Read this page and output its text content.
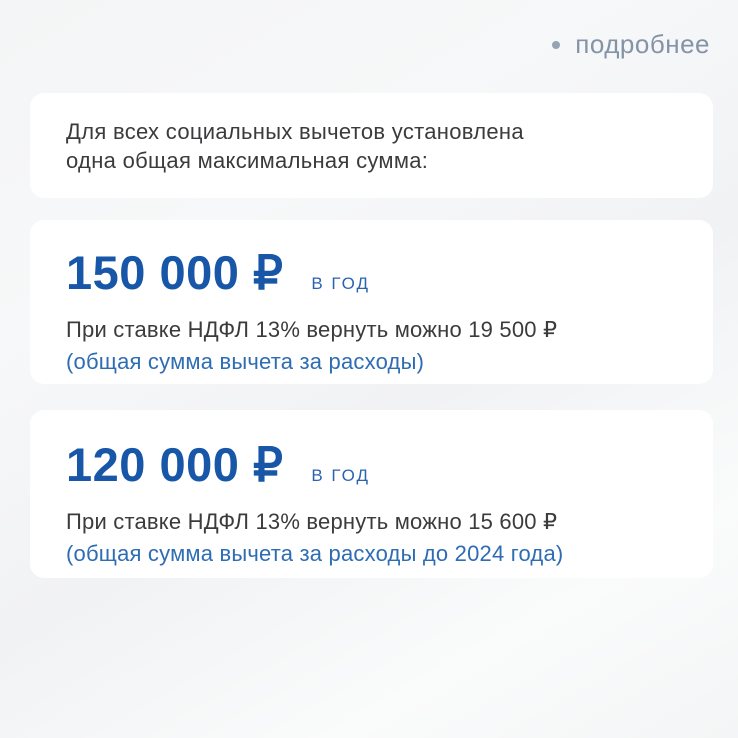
подробнее
Для всех социальных вычетов установлена
одна общая максимальная сумма:
150 000 ₽ В ГОД
При ставке НДФЛ 13% вернуть можно 19 500 ₽
(общая сумма вычета за расходы)
120 000 ₽ В ГОД
При ставке НДФЛ 13% вернуть можно 15 600 ₽
(общая сумма вычета за расходы до 2024 года)
